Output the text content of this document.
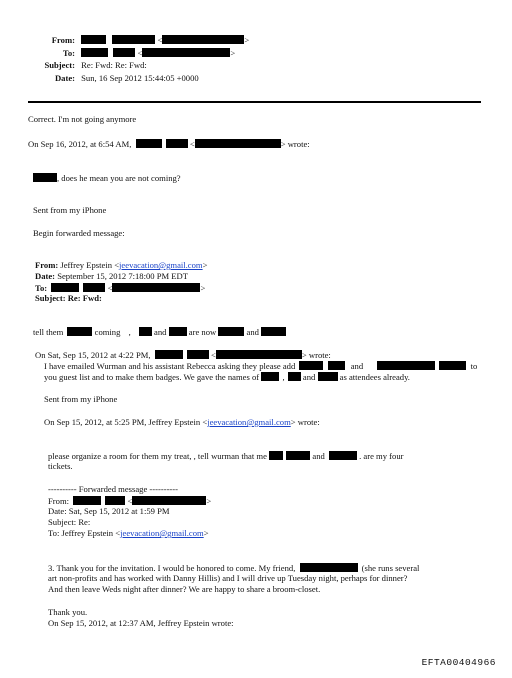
From:	<	>
To:	<	>
Subject: Re: Fwd: Re: Fwd:
Date: Sun, 16 Sep 2012 15:44:05 +0000
Correct. I'm not going anymore
On Sep 16, 2012, at 6:54 AM,	<	> wrote:
, does he mean you are not coming?
Sent from my iPhone
Begin forwarded message:
From: Jeffrey Epstein <jeevacation@gmail.com>
Date: September 15, 2012 7:18:00 PM EDT
To:	<	>
Subject: Re: Fwd:
tell them	coming ,	and	are now	and
On Sat, Sep 15, 2012 at 4:22 PM,	<	> wrote:
I have emailed Wurman and his assistant Rebecca asking they please add	and	to
you guest list and to make them badges. We gave the names of	, and	as attendees already.
Sent from my iPhone
On Sep 15, 2012, at 5:25 PM, Jeffrey Epstein <jeevacation@gmail.com> wrote:
please organize a room for them my treat, , tell wurman that me	and	. are my four
tickets.
---------- Forwarded message ----------
From:	<	>
Date: Sat, Sep 15, 2012 at 1:59 PM
Subject: Re:
To: Jeffrey Epstein <jeevacation@gmail.com>
3. Thank you for the invitation. I would be honored to come. My friend,	(she runs several
art non-profits and has worked with Danny Hillis) and I will drive up Tuesday night, perhaps for dinner?
And then leave Weds night after dinner? We are happy to share a broom-closet.
Thank you.
On Sep 15, 2012, at 12:37 AM, Jeffrey Epstein wrote:
EFTA00404966
